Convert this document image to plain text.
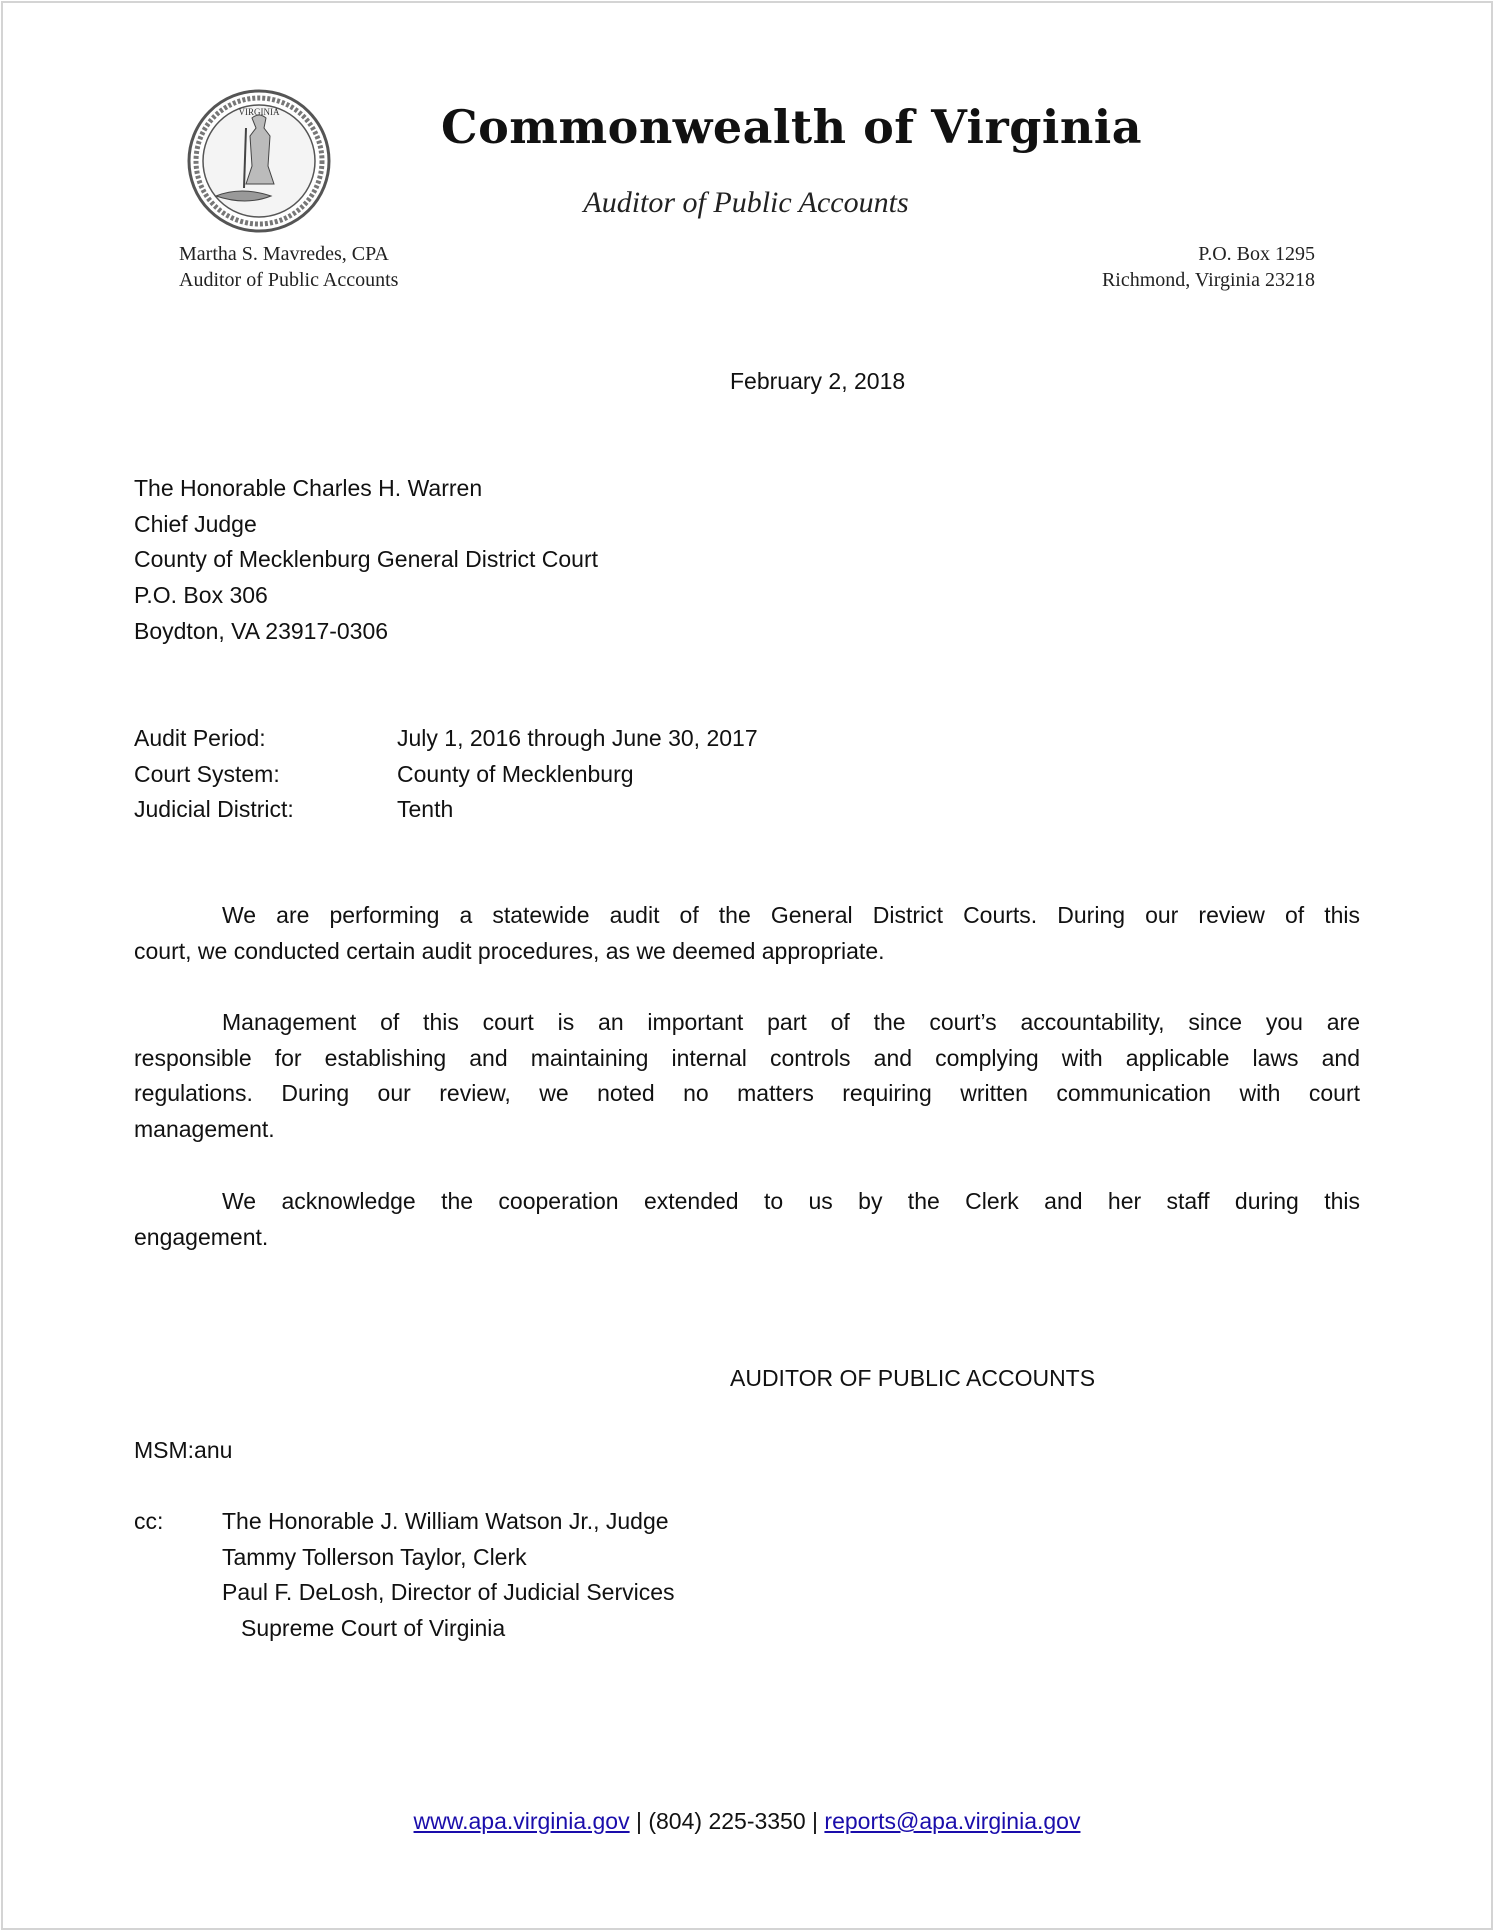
VIRGINIA	Commonwealth of Virginia
Auditor of Public Accounts
Martha S. Mavredes, CPA
Auditor of Public Accounts
P.O. Box 1295
Richmond, Virginia 23218
February 2, 2018
The Honorable Charles H. Warren
Chief Judge
County of Mecklenburg General District Court
P.O. Box 306
Boydton, VA 23917-0306
Audit Period:	July 1, 2016 through June 30, 2017
Court System:	County of Mecklenburg
Judicial District:	Tenth
We are performing a statewide audit of the General District Courts. During our review of this
court, we conducted certain audit procedures, as we deemed appropriate.
Management of this court is an important part of the court’s accountability, since you are
responsible for establishing and maintaining internal controls and complying with applicable laws and
regulations. During our review, we noted no matters requiring written communication with court
management.
We acknowledge the cooperation extended to us by the Clerk and her staff during this
engagement.
AUDITOR OF PUBLIC ACCOUNTS
MSM:anu
cc:	The Honorable J. William Watson Jr., Judge
Tammy Tollerson Taylor, Clerk
Paul F. DeLosh, Director of Judicial Services
Supreme Court of Virginia
www.apa.virginia.gov | (804) 225-3350 | reports@apa.virginia.gov
